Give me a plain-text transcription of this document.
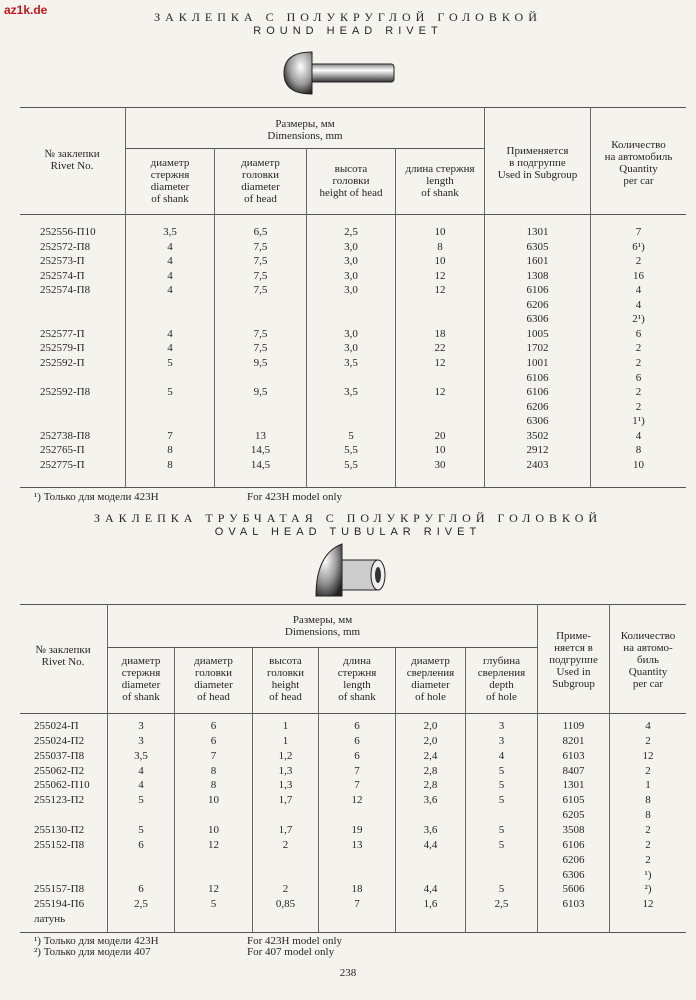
az1k.de	ЗАКЛЕПКА С ПОЛУКРУГЛОЙ ГОЛОВКОЙ
ROUND HEAD RIVET
№ заклепки
Rivet No.
Размеры, мм
Dimensions, mm
диаметр
стержня
diameter
of shank
диаметр
головки
diameter
of head
высота
головки
height of head
длина стержня
length
of shank
Применяется
в подгруппе
Used in Subgroup
Количество
на автомобиль
Quantity
per car
252556-П10	3,5	6,5	2,5	10	1301	7
252572-П8	4	7,5	3,0	8	6305	6¹)
252573-П	4	7,5	3,0	10	1601	2
252574-П	4	7,5	3,0	12	1308	16
252574-П8	4	7,5	3,0	12	6106	4
6206	4
6306	2¹)
252577-П	4	7,5	3,0	18	1005	6
252579-П	4	7,5	3,0	22	1702	2
252592-П	5	9,5	3,5	12	1001	2
6106	6
252592-П8	5	9,5	3,5	12	6106	2
6206	2
6306	1¹)
252738-П8	7	13	5	20	3502	4
252765-П	8	14,5	5,5	10	2912	8
252775-П	8	14,5	5,5	30	2403	10
¹) Только для модели 423Н	For 423H model only
ЗАКЛЕПКА ТРУБЧАТАЯ С ПОЛУКРУГЛОЙ ГОЛОВКОЙ
OVAL HEAD TUBULAR RIVET
№ заклепки
Rivet No.
Размеры, мм
Dimensions, mm
диаметр
стержня
diameter
of shank
диаметр
головки
diameter
of head
высота
головки
height
of head
длина
стержня
length
of shank
диаметр
сверления
diameter
of hole
глубина
сверления
depth
of hole
Приме-
няется в
подгруппе
Used in
Subgroup
Количество
на автомо-
биль
Quantity
per car
255024-П	3	6	1	6	2,0	3	1109	4
255024-П2	3	6	1	6	2,0	3	8201	2
255037-П8	3,5	7	1,2	6	2,4	4	6103	12
255062-П2	4	8	1,3	7	2,8	5	8407	2
255062-П10	4	8	1,3	7	2,8	5	1301	1
255123-П2	5	10	1,7	12	3,6	5	6105	8
6205	8
255130-П2	5	10	1,7	19	3,6	5	3508	2
255152-П8	6	12	2	13	4,4	5	6106	2
6206	2
6306	¹)
255157-П8	6	12	2	18	4,4	5	5606	²)
255194-П6	2,5	5	0,85	7	1,6	2,5	6103	12
латунь
¹) Только для модели 423Н	For 423H model only
²) Только для модели 407	For 407 model only
238
